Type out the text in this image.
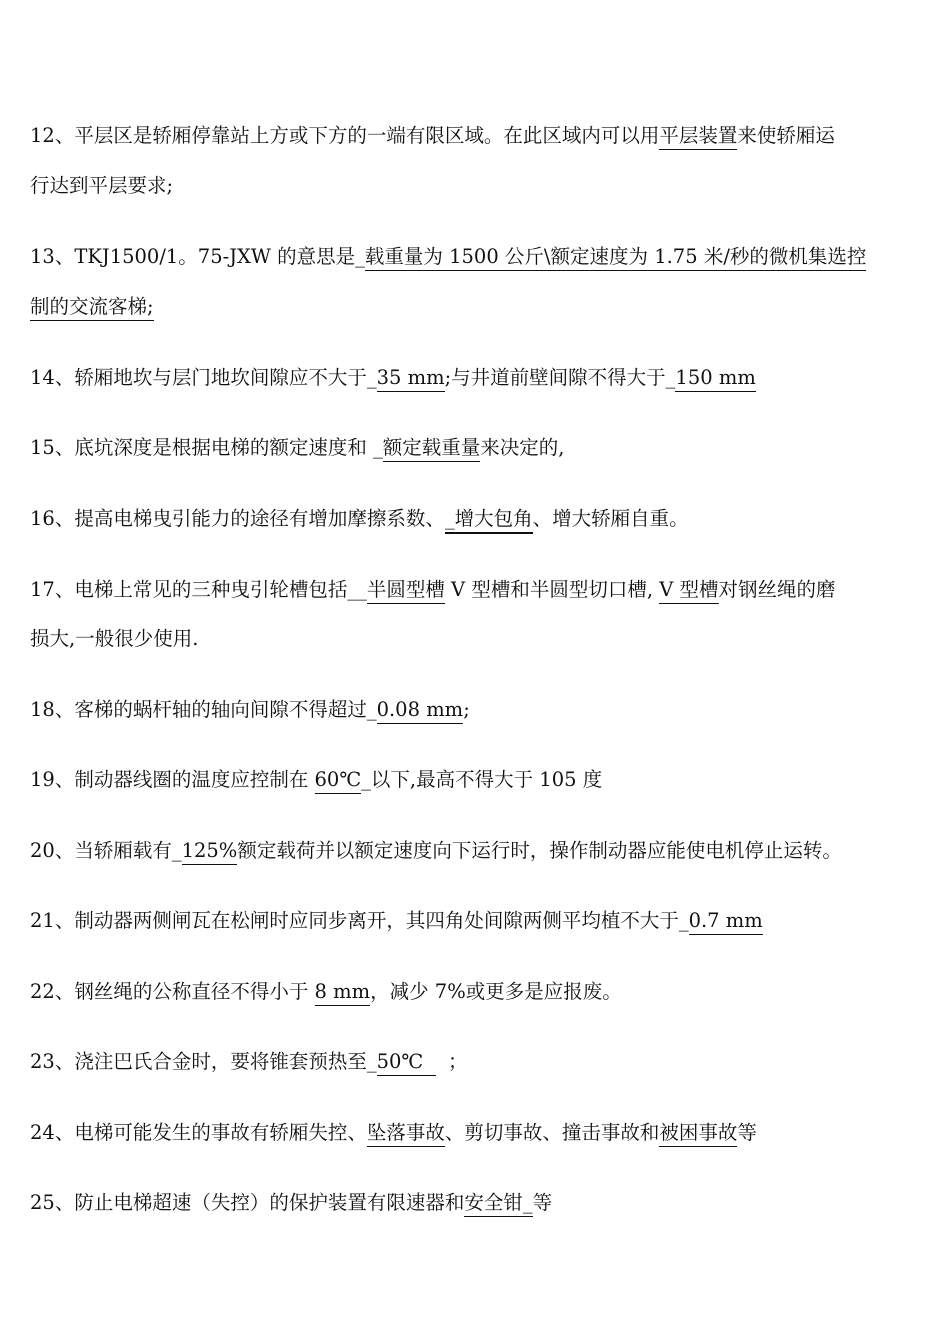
12、平层区是轿厢停靠站上方或下方的一端有限区域。在此区域内可以用平层装置来使轿厢运
行达到平层要求;
13、TKJ1500/1。75-JXW 的意思是_载重量为 1500 公斤\额定速度为 1.75 米/秒的微机集选控
制的交流客梯;
14、轿厢地坎与层门地坎间隙应不大于_35 mm;与井道前壁间隙不得大于_150 mm
15、底坑深度是根据电梯的额定速度和 _额定载重量来决定的,
16、提高电梯曳引能力的途径有增加摩擦系数、_增大包角、增大轿厢自重。
17、电梯上常见的三种曳引轮槽包括__半圆型槽 V 型槽和半圆型切口槽, V 型槽对钢丝绳的磨
损大,一般很少使用.
18、客梯的蜗杆轴的轴向间隙不得超过_0.08 mm;
19、制动器线圈的温度应控制在 60℃_以下,最高不得大于 105 度
20、当轿厢载有_125%额定载荷并以额定速度向下运行时，操作制动器应能使电机停止运转。
21、制动器两侧闸瓦在松闸时应同步离开，其四角处间隙两侧平均植不大于_0.7 mm
22、钢丝绳的公称直径不得小于 8 mm，减少 7%或更多是应报废。
23、浇注巴氏合金时，要将锥套预热至_50℃    ；
24、电梯可能发生的事故有轿厢失控、坠落事故、剪切事故、撞击事故和被困事故等
25、防止电梯超速（失控）的保护装置有限速器和安全钳_等
